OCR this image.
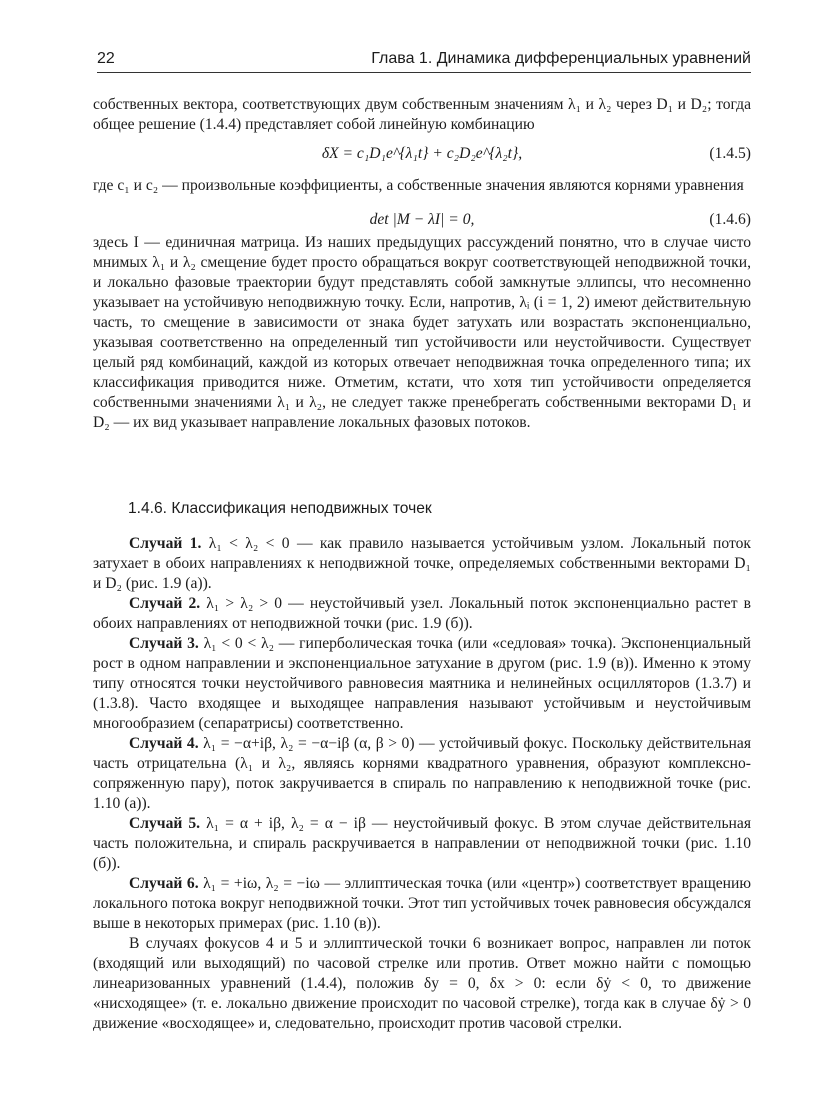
22	Глава 1. Динамика дифференциальных уравнений
собственных вектора, соответствующих двум собственным значениям λ₁ и λ₂ через D₁ и D₂; тогда общее решение (1.4.4) представляет собой линейную комбинацию
δX = c₁D₁e^{λ₁t} + c₂D₂e^{λ₂t},	(1.4.5)
где c₁ и c₂ — произвольные коэффициенты, а собственные значения являются корнями уравнения
det |M − λI| = 0,	(1.4.6)
здесь I — единичная матрица. Из наших предыдущих рассуждений понятно, что в случае чисто мнимых λ₁ и λ₂ смещение будет просто обращаться вокруг соответствующей неподвижной точки, и локально фазовые траектории будут представлять собой замкнутые эллипсы, что несомненно указывает на устойчивую неподвижную точку. Если, напротив, λᵢ (i = 1, 2) имеют действительную часть, то смещение в зависимости от знака будет затухать или возрастать экспоненциально, указывая соответственно на определенный тип устойчивости или неустойчивости. Существует целый ряд комбинаций, каждой из которых отвечает неподвижная точка определенного типа; их классификация приводится ниже. Отметим, кстати, что хотя тип устойчивости определяется собственными значениями λ₁ и λ₂, не следует также пренебрегать собственными векторами D₁ и D₂ — их вид указывает направление локальных фазовых потоков.
1.4.6. Классификация неподвижных точек

Случай 1. λ₁ < λ₂ < 0 — как правило называется устойчивым узлом. Локальный поток затухает в обоих направлениях к неподвижной точке, определяемых собственными векторами D₁ и D₂ (рис. 1.9 (а)).

Случай 2. λ₁ > λ₂ > 0 — неустойчивый узел. Локальный поток экспоненциально растет в обоих направлениях от неподвижной точки (рис. 1.9 (б)).

Случай 3. λ₁ < 0 < λ₂ — гиперболическая точка (или «седловая» точка). Экспоненциальный рост в одном направлении и экспоненциальное затухание в другом (рис. 1.9 (в)). Именно к этому типу относятся точки неустойчивого равновесия маятника и нелинейных осцилляторов (1.3.7) и (1.3.8). Часто входящее и выходящее направления называют устойчивым и неустойчивым многообразием (сепаратрисы) соответственно.

Случай 4. λ₁ = −α+iβ, λ₂ = −α−iβ (α, β > 0) — устойчивый фокус. Поскольку действительная часть отрицательна (λ₁ и λ₂, являясь корнями квадратного уравнения, образуют комплексно-сопряженную пару), поток закручивается в спираль по направлению к неподвижной точке (рис. 1.10 (а)).

Случай 5. λ₁ = α + iβ, λ₂ = α − iβ — неустойчивый фокус. В этом случае действительная часть положительна, и спираль раскручивается в направлении от неподвижной точки (рис. 1.10 (б)).

Случай 6. λ₁ = +iω, λ₂ = −iω — эллиптическая точка (или «центр») соответствует вращению локального потока вокруг неподвижной точки. Этот тип устойчивых точек равновесия обсуждался выше в некоторых примерах (рис. 1.10 (в)).

В случаях фокусов 4 и 5 и эллиптической точки 6 возникает вопрос, направлен ли поток (входящий или выходящий) по часовой стрелке или против. Ответ можно найти с помощью линеаризованных уравнений (1.4.4), положив δy = 0, δx > 0: если δẏ < 0, то движение «нисходящее» (т. е. локально движение происходит по часовой стрелке), тогда как в случае δẏ > 0 движение «восходящее» и, следовательно, происходит против часовой стрелки.
